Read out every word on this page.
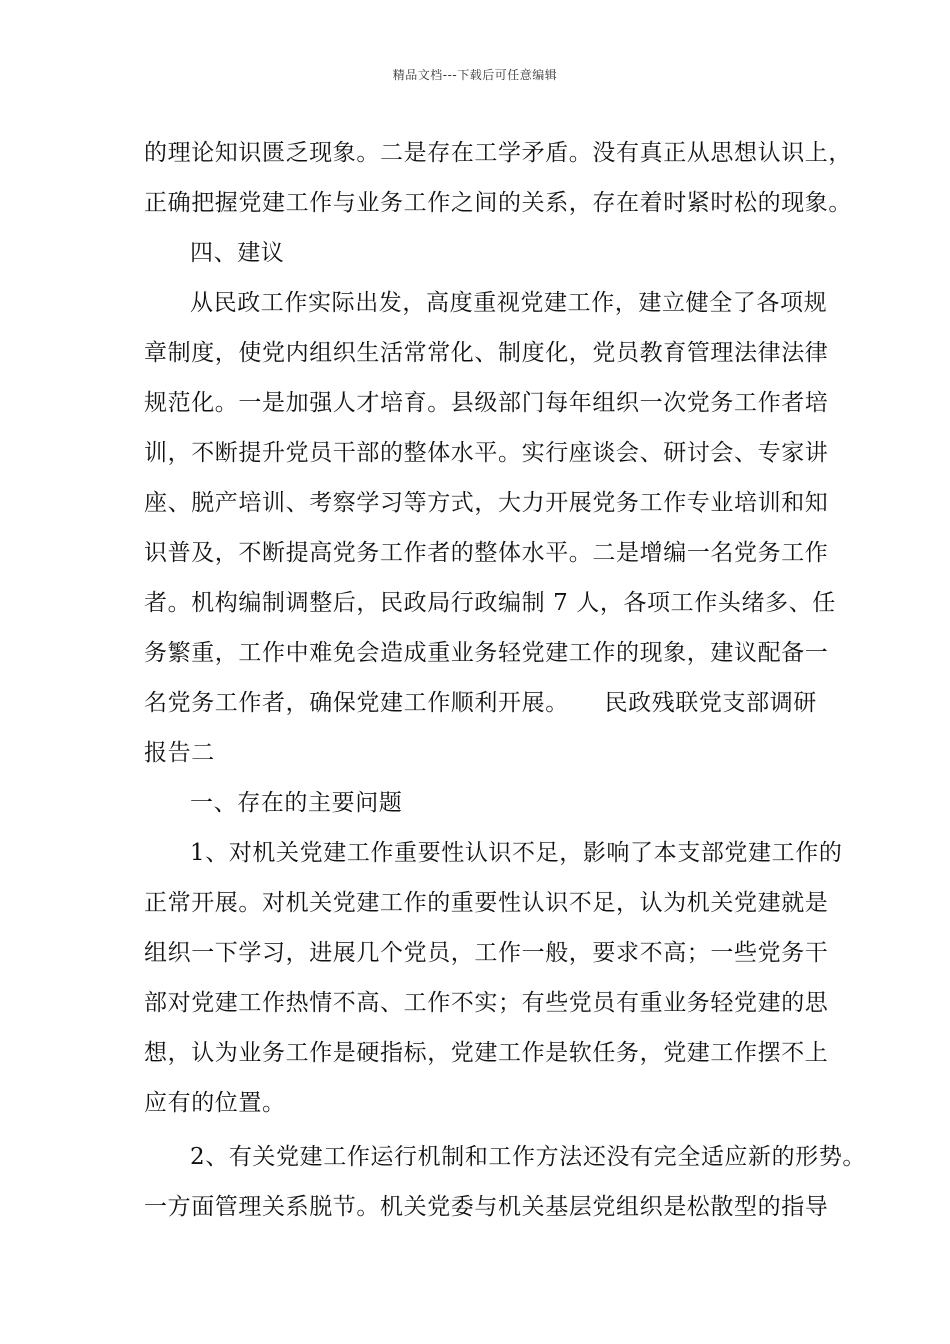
精品文档---下载后可任意编辑
的理论知识匮乏现象。二是存在工学矛盾。没有真正从思想认识上，
正确把握党建工作与业务工作之间的关系，存在着时紧时松的现象。
四、建议
从民政工作实际出发，高度重视党建工作，建立健全了各项规
章制度，使党内组织生活常常化、制度化，党员教育管理法律法律
规范化。一是加强人才培育。县级部门每年组织一次党务工作者培
训，不断提升党员干部的整体水平。实行座谈会、研讨会、专家讲
座、脱产培训、考察学习等方式，大力开展党务工作专业培训和知
识普及，不断提高党务工作者的整体水平。二是增编一名党务工作
者。机构编制调整后，民政局行政编制 7 人，各项工作头绪多、任
务繁重，工作中难免会造成重业务轻党建工作的现象，建议配备一
名党务工作者，确保党建工作顺利开展。　　民政残联党支部调研
报告二
一、存在的主要问题
1、对机关党建工作重要性认识不足，影响了本支部党建工作的
正常开展。对机关党建工作的重要性认识不足，认为机关党建就是
组织一下学习，进展几个党员，工作一般，要求不高；一些党务干
部对党建工作热情不高、工作不实；有些党员有重业务轻党建的思
想，认为业务工作是硬指标，党建工作是软任务，党建工作摆不上
应有的位置。
2、有关党建工作运行机制和工作方法还没有完全适应新的形势。
一方面管理关系脱节。机关党委与机关基层党组织是松散型的指导
